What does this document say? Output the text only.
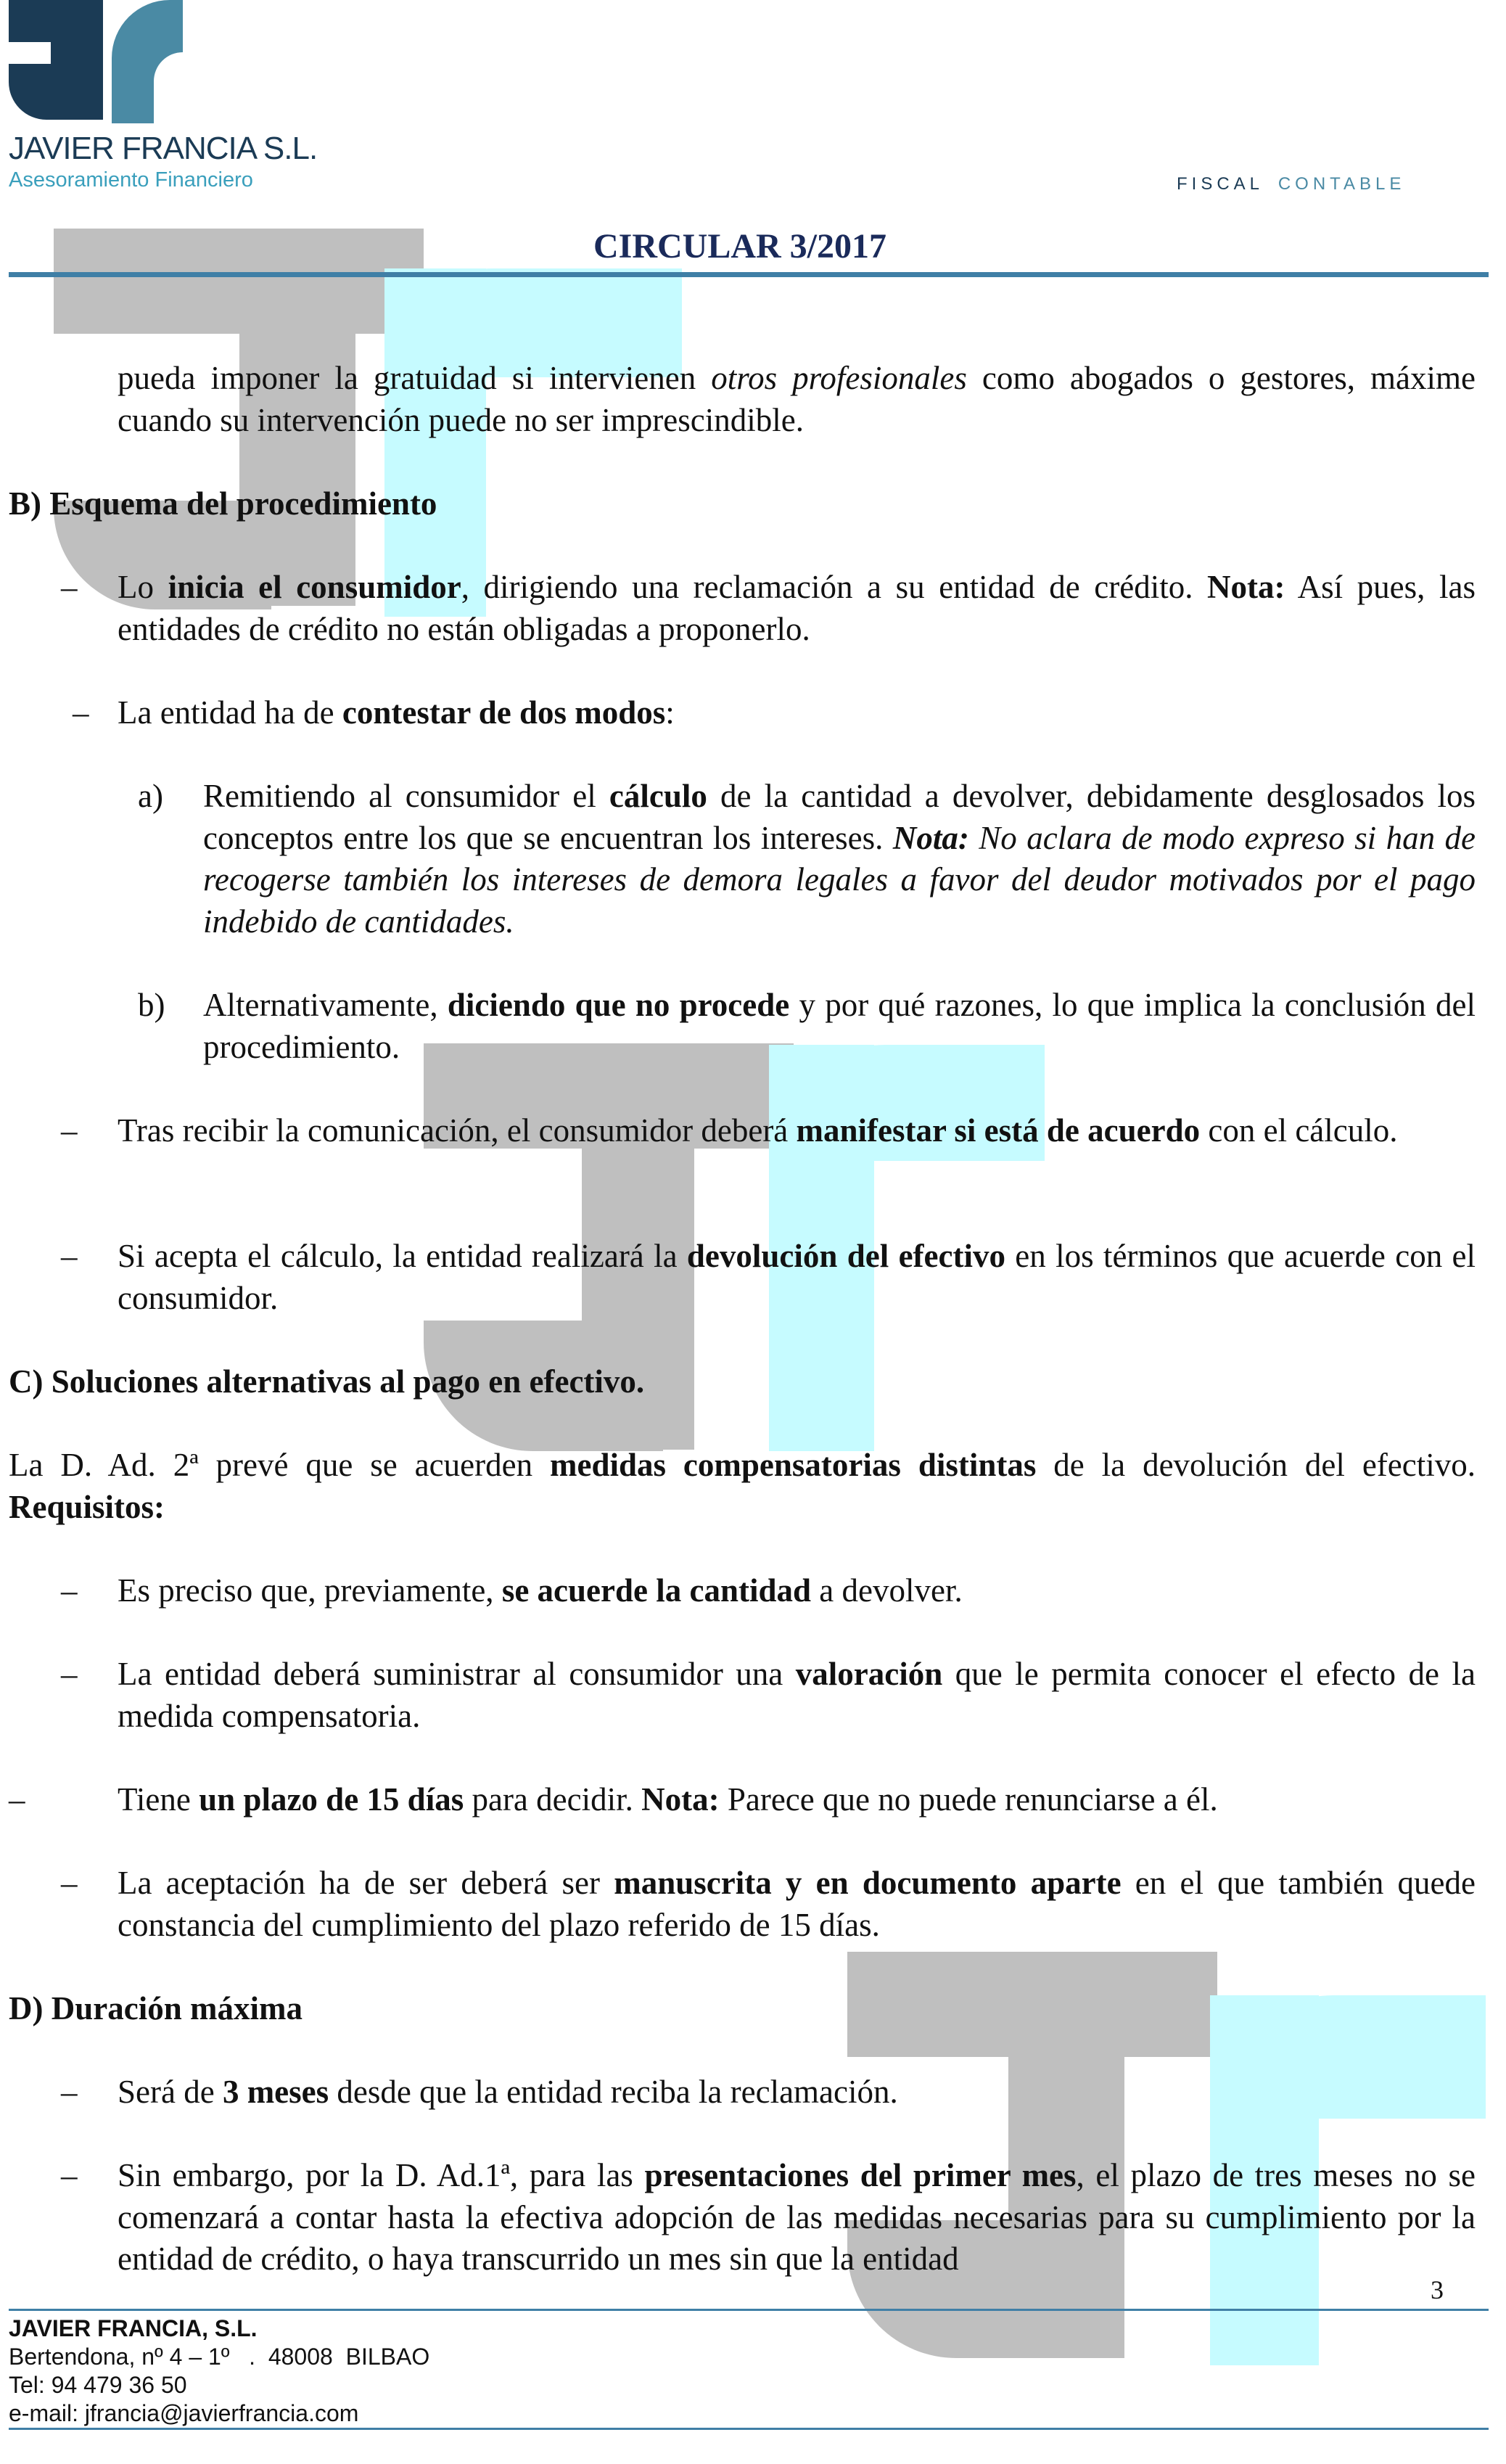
JAVIER FRANCIA S.L.
Asesoramiento Financiero	FISCAL CONTABLE
CIRCULAR 3/2017
pueda imponer la gratuidad si intervienen otros profesionales como abogados o gestores, máxime cuando su intervención puede no ser imprescindible.
B) Esquema del procedimiento
– Lo inicia el consumidor, dirigiendo una reclamación a su entidad de crédito. Nota: Así pues, las entidades de crédito no están obligadas a proponerlo.
– La entidad ha de contestar de dos modos:
a) Remitiendo al consumidor el cálculo de la cantidad a devolver, debidamente desglosados los conceptos entre los que se encuentran los intereses. Nota: No aclara de modo expreso si han de recogerse también los intereses de demora legales a favor del deudor motivados por el pago indebido de cantidades.
b) Alternativamente, diciendo que no procede y por qué razones, lo que implica la conclusión del procedimiento.
– Tras recibir la comunicación, el consumidor deberá manifestar si está de acuerdo con el cálculo.
– Si acepta el cálculo, la entidad realizará la devolución del efectivo en los términos que acuerde con el consumidor.
C) Soluciones alternativas al pago en efectivo.
La D. Ad. 2ª prevé que se acuerden medidas compensatorias distintas de la devolución del efectivo. Requisitos:
– Es preciso que, previamente, se acuerde la cantidad a devolver.
– La entidad deberá suministrar al consumidor una valoración que le permita conocer el efecto de la medida compensatoria.
–	Tiene un plazo de 15 días para decidir. Nota: Parece que no puede renunciarse a él.
– La aceptación ha de ser deberá ser manuscrita y en documento aparte en el que también quede constancia del cumplimiento del plazo referido de 15 días.
D) Duración máxima
– Será de 3 meses desde que la entidad reciba la reclamación.
– Sin embargo, por la D. Ad.1ª, para las presentaciones del primer mes, el plazo de tres meses no se comenzará a contar hasta la efectiva adopción de las medidas necesarias para su cumplimiento por la entidad de crédito, o haya transcurrido un mes sin que la entidad
3
JAVIER FRANCIA, S.L.
Bertendona, nº 4 – 1º   .  48008  BILBAO
Tel: 94 479 36 50
e-mail: jfrancia@javierfrancia.com
